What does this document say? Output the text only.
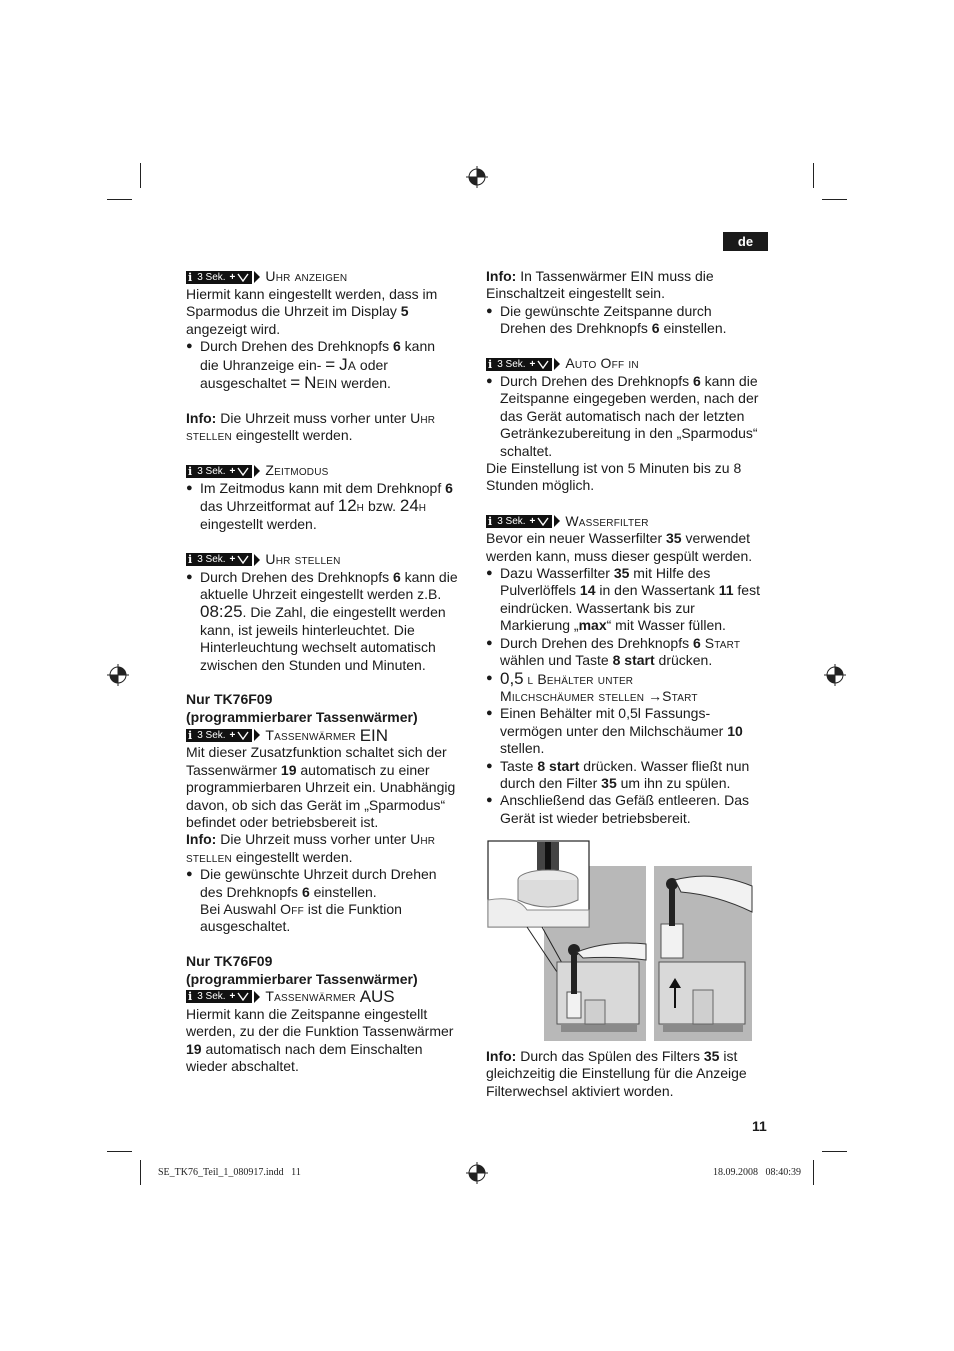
de
i 3 Sek. + Uhr anzeigen

Hiermit kann eingestellt werden, dass im
Sparmodus die Uhrzeit im Display 5
angezeigt wird.

● Durch Drehen des Drehknopfs 6 kann
die Uhranzeige ein- = Ja oder
ausgeschaltet = Nein werden.

Info: Die Uhrzeit muss vorher unter Uhr stellen eingestellt werden.

i 3 Sek. + Zeitmodus

● Im Zeitmodus kann mit dem Drehknopf 6
das Uhrzeitformat auf 12h bzw. 24h
eingestellt werden.

i 3 Sek. + Uhr stellen

● Durch Drehen des Drehknopfs 6 kann die
aktuelle Uhrzeit eingestellt werden z.B.
08:25. Die Zahl, die eingestellt werden
kann, ist jeweils hinterleuchtet. Die
Hinterleuchtung wechselt automatisch
zwischen den Stunden und Minuten.

Nur TK76F09
(programmierbarer Tassenwärmer)

i 3 Sek. + Tassenwärmer
EIN

Mit dieser Zusatzfunktion schaltet sich der
Tassenwärmer 19 automatisch zu einer
programmierbaren Uhrzeit ein. Unabhängig
davon, ob sich das Gerät im „Sparmodus“
befindet oder betriebsbereit ist.

Info: Die Uhrzeit muss vorher unter Uhr stellen eingestellt werden.

● Die gewünschte Uhrzeit durch Drehen
des Drehknopfs 6 einstellen.
Bei Auswahl Off ist die Funktion
ausgeschaltet.

Nur TK76F09
(programmierbarer Tassenwärmer)

i 3 Sek. + Tassenwärmer
AUS

Hiermit kann die Zeitspanne eingestellt
werden, zu der die Funktion Tassenwärmer
19 automatisch nach dem Einschalten
wieder abschaltet.

Info: In Tassenwärmer EIN muss die
Einschaltzeit eingestellt sein.

● Die gewünschte Zeitspanne durch
Drehen des Drehknopfs 6 einstellen.

i 3 Sek. + Auto Off in

● Durch Drehen des Drehknopfs 6 kann die
Zeitspanne eingegeben werden, nach der
das Gerät automatisch nach der letzten
Getränkezubereitung in den „Sparmodus“
schaltet.

Die Einstellung ist von 5 Minuten bis zu 8
Stunden möglich.

i 3 Sek. + Wasserfilter

Bevor ein neuer Wasserfilter 35 verwendet
werden kann, muss dieser gespült werden.

● Dazu Wasserfilter 35 mit Hilfe des
Pulverlöffels 14 in den Wassertank 11 fest
eindrücken. Wassertank bis zur
Markierung „max“ mit Wasser füllen.

● Durch Drehen des Drehknopfs 6 Start
wählen und Taste 8 start drücken.

● 0,5 l Behälter unter
Milchschäumer stellen →Start

● Einen Behälter mit 0,5l Fassungs-
vermögen unter den Milchschäumer 10
stellen.

● Taste 8 start drücken. Wasser fließt nun
durch den Filter 35 um ihn zu spülen.

● Anschließend das Gefäß entleeren. Das
Gerät ist wieder betriebsbereit.

Info: Durch das Spülen des Filters 35 ist
gleichzeitig die Einstellung für die Anzeige
Filterwechsel aktiviert worden.

11
SE_TK76_Teil_1_080917.indd   11	18.09.2008   08:40:39
